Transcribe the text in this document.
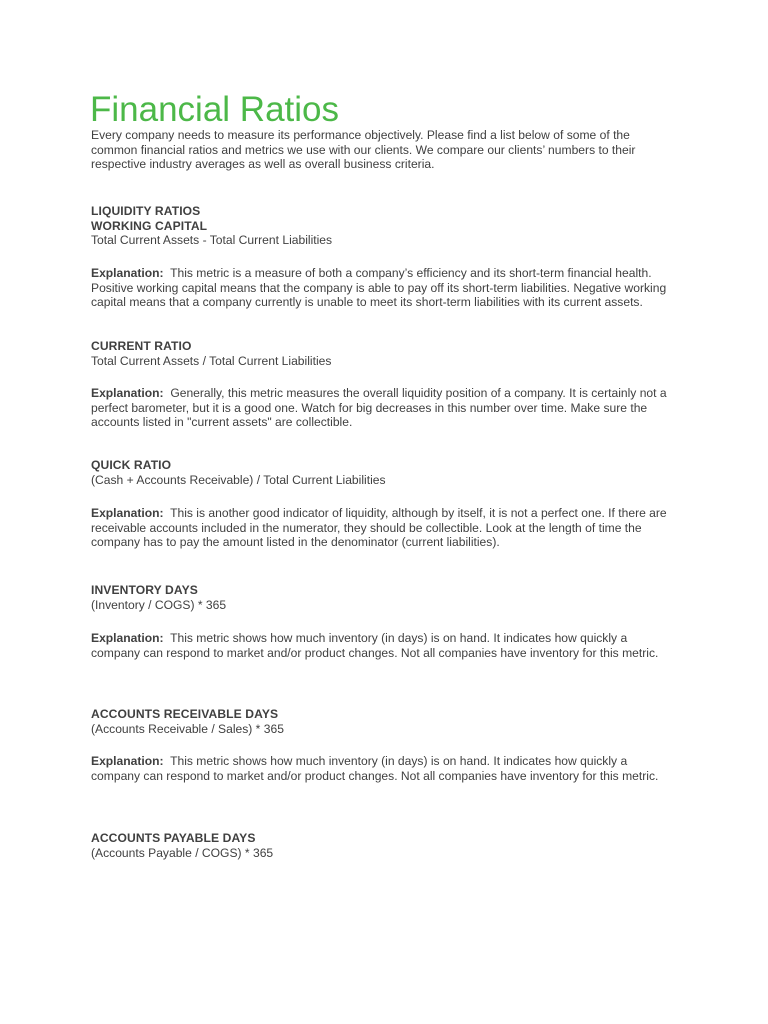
Financial Ratios

Every company needs to measure its performance objectively. Please find a list below of some of the common financial ratios and metrics we use with our clients. We compare our clients’ numbers to their respective industry averages as well as overall business criteria.

LIQUIDITY RATIOS
WORKING CAPITAL
Total Current Assets - Total Current Liabilities

Explanation: This metric is a measure of both a company’s efficiency and its short-term financial health. Positive working capital means that the company is able to pay off its short-term liabilities. Negative working capital means that a company currently is unable to meet its short-term liabilities with its current assets.

CURRENT RATIO
Total Current Assets / Total Current Liabilities

Explanation: Generally, this metric measures the overall liquidity position of a company. It is certainly not a perfect barometer, but it is a good one. Watch for big decreases in this number over time. Make sure the accounts listed in "current assets" are collectible.

QUICK RATIO
(Cash + Accounts Receivable) / Total Current Liabilities

Explanation: This is another good indicator of liquidity, although by itself, it is not a perfect one. If there are receivable accounts included in the numerator, they should be collectible. Look at the length of time the company has to pay the amount listed in the denominator (current liabilities).

INVENTORY DAYS
(Inventory / COGS) * 365

Explanation: This metric shows how much inventory (in days) is on hand. It indicates how quickly a company can respond to market and/or product changes. Not all companies have inventory for this metric.

ACCOUNTS RECEIVABLE DAYS
(Accounts Receivable / Sales) * 365

Explanation: This metric shows how much inventory (in days) is on hand. It indicates how quickly a company can respond to market and/or product changes. Not all companies have inventory for this metric.

ACCOUNTS PAYABLE DAYS
(Accounts Payable / COGS) * 365
